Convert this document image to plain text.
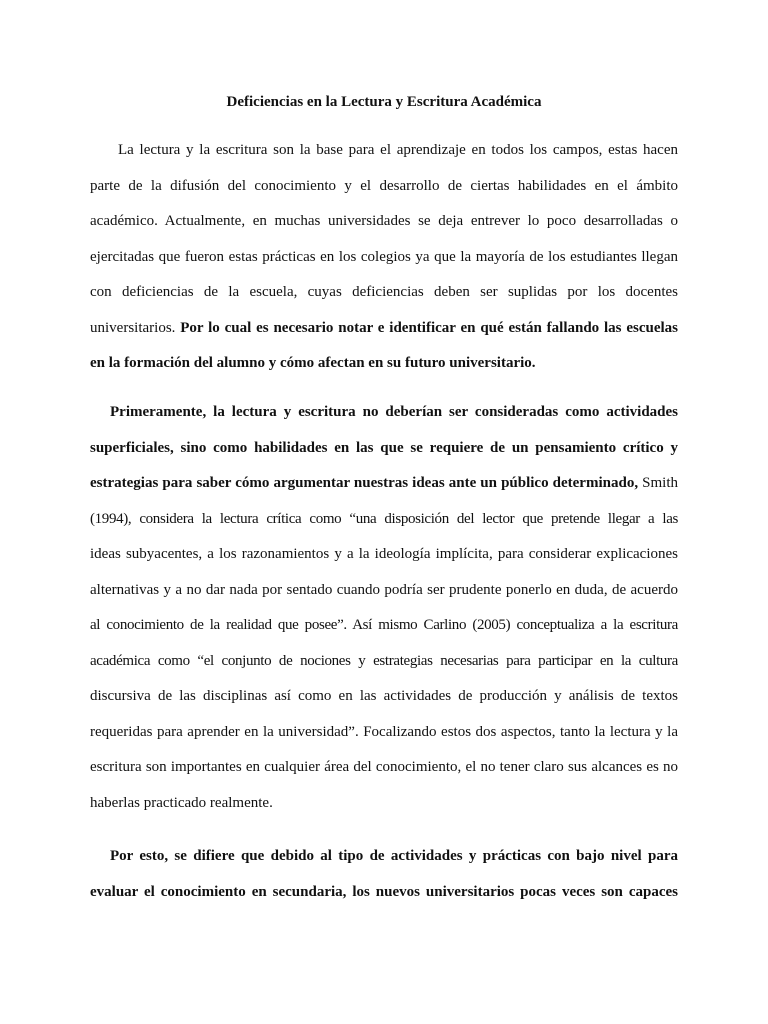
Deficiencias en la Lectura y Escritura Académica
La lectura y la escritura son la base para el aprendizaje en todos los campos, estas hacen
parte de la difusión del conocimiento y el desarrollo de ciertas habilidades en el ámbito
académico. Actualmente, en muchas universidades se deja entrever lo poco desarrolladas o
ejercitadas que fueron estas prácticas en los colegios ya que la mayoría de los estudiantes llegan
con deficiencias de la escuela, cuyas deficiencias deben ser suplidas por los docentes
universitarios. Por lo cual es necesario notar e identificar en qué están fallando las escuelas
en la formación del alumno y cómo afectan en su futuro universitario.
Primeramente, la lectura y escritura no deberían ser consideradas como actividades
superficiales, sino como habilidades en las que se requiere de un pensamiento crítico y
estrategias para saber cómo argumentar nuestras ideas ante un público determinado, Smith
(1994), considera la lectura crítica como “una disposición del lector que pretende llegar a las
ideas subyacentes, a los razonamientos y a la ideología implícita, para considerar explicaciones
alternativas y a no dar nada por sentado cuando podría ser prudente ponerlo en duda, de acuerdo
al conocimiento de la realidad que posee”. Así mismo Carlino (2005) conceptualiza a la escritura
académica como “el conjunto de nociones y estrategias necesarias para participar en la cultura
discursiva de las disciplinas así como en las actividades de producción y análisis de textos
requeridas para aprender en la universidad”. Focalizando estos dos aspectos, tanto la lectura y la
escritura son importantes en cualquier área del conocimiento, el no tener claro sus alcances es no
haberlas practicado realmente.
Por esto, se difiere que debido al tipo de actividades y prácticas con bajo nivel para
evaluar el conocimiento en secundaria, los nuevos universitarios pocas veces son capaces
